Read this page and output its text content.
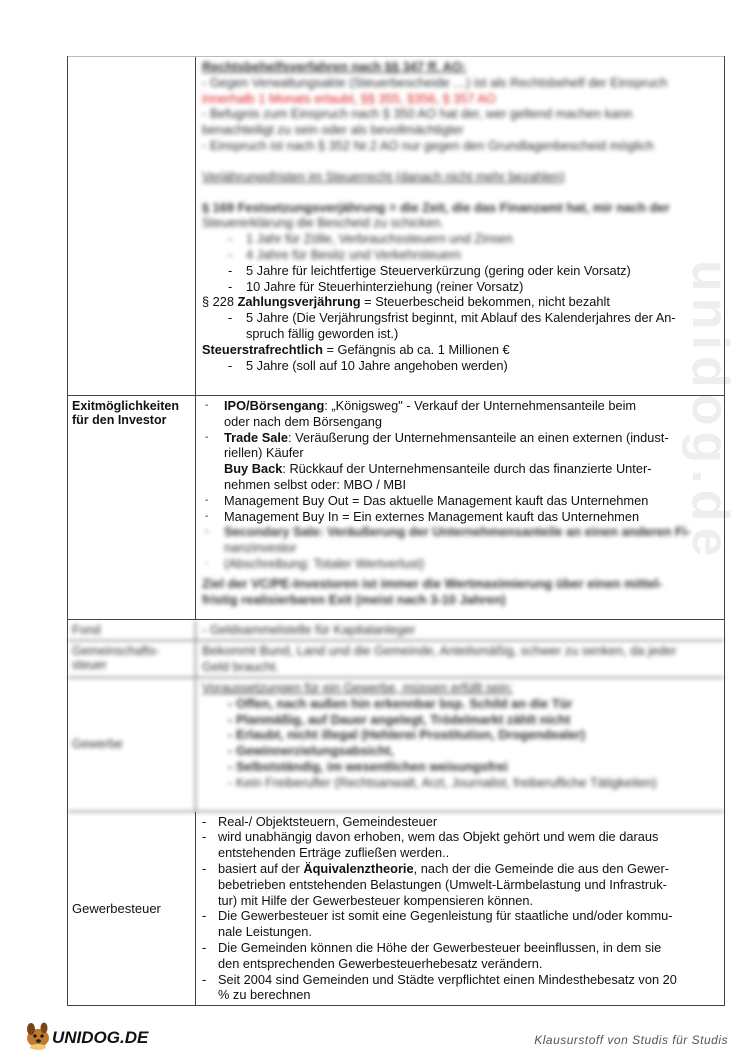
unidog.de
Rechtsbehelfsverfahren nach §§ 347 ff. AO:
- Gegen Verwaltungsakte (Steuerbescheide …) ist als Rechtsbehelf der Einspruch
innerhalb 1 Monats erlaubt, §§ 355, §356, § 357 AO
- Befugnis zum Einspruch nach § 350 AO hat der, wer geltend machen kann
benachteiligt zu sein oder als bevollmächtigter
- Einspruch ist nach § 352 Nr.2 AO nur gegen den Grundlagenbescheid möglich
Verjährungsfristen im Steuerrecht (danach nicht mehr bezahlen)
§ 169 Festsetzungsverjährung = die Zeit, die das Finanzamt hat, mir nach der
Steuererklärung die Bescheid zu schicken.
- 1 Jahr für Zölle, Verbrauchssteuern und Zinsen
- 4 Jahre für Besitz und Verkehrsteuern
- 5 Jahre für leichtfertige Steuerverkürzung (gering oder kein Vorsatz)
- 10 Jahre für Steuerhinterziehung (reiner Vorsatz)
§ 228 Zahlungsverjährung = Steuerbescheid bekommen, nicht bezahlt
- 5 Jahre (Die Verjährungsfrist beginnt, mit Ablauf des Kalenderjahres der An-
spruch fällig geworden ist.)
Steuerstrafrechtlich = Gefängnis ab ca. 1 Millionen €
- 5 Jahre (soll auf 10 Jahre angehoben werden)
Exitmöglichkeiten
für den Investor
- IPO/Börsengang: „Königsweg" - Verkauf der Unternehmensanteile beim
oder nach dem Börsengang
- Trade Sale: Veräußerung der Unternehmensanteile an einen externen (indust-
riellen) Käufer
Buy Back: Rückkauf der Unternehmensanteile durch das finanzierte Unter-
nehmen selbst oder: MBO / MBI
- Management Buy Out = Das aktuelle Management kauft das Unternehmen
- Management Buy In = Ein externes Management kauft das Unternehmen
- Secondary Sale: Veräußerung der Unternehmensanteile an einen anderen Fi-
nanzinvestor
- (Abschreibung: Totaler Wertverlust)
Ziel der VC/PE-Investoren ist immer die Wertmaximierung über einen mittel-
fristig realisierbaren Exit (meist nach 3-10 Jahren)
Fond	- Geldsammelstelle für Kapitalanleger
Gemeinschafts-
steuer
Bekommt Bund, Land und die Gemeinde, Anteilsmäßig, schwer zu senken, da jeder
Geld braucht.
Gewerbe
Voraussetzungen für ein Gewerbe, müssen erfüllt sein:
- Offen, nach außen hin erkennbar bsp. Schild an die Tür
- Planmäßig, auf Dauer angelegt, Trödelmarkt zählt nicht
- Erlaubt, nicht illegal (Hehlerei Prostitution, Drogendealer)
- Gewinnerzielungsabsicht,
- Selbstständig, im wesentlichen weisungsfrei
- Kein Freiberufler (Rechtsanwalt, Arzt, Journalist, freiberufliche Tätigkeiten)
Gewerbesteuer
- Real-/ Objektsteuern, Gemeindesteuer
- wird unabhängig davon erhoben, wem das Objekt gehört und wem die daraus
entstehenden Erträge zufließen werden..
- basiert auf der Äquivalenztheorie, nach der die Gemeinde die aus den Gewer-
bebetrieben entstehenden Belastungen (Umwelt-Lärmbelastung und Infrastruk-
tur) mit Hilfe der Gewerbesteuer kompensieren können.
- Die Gewerbesteuer ist somit eine Gegenleistung für staatliche und/oder kommu-
nale Leistungen.
- Die Gemeinden können die Höhe der Gewerbesteuer beeinflussen, in dem sie
den entsprechenden Gewerbesteuerhebesatz verändern.
- Seit 2004 sind Gemeinden und Städte verpflichtet einen Mindesthebesatz von 20
% zu berechnen
UNIDOG.DE	Klausurstoff von Studis für Studis
